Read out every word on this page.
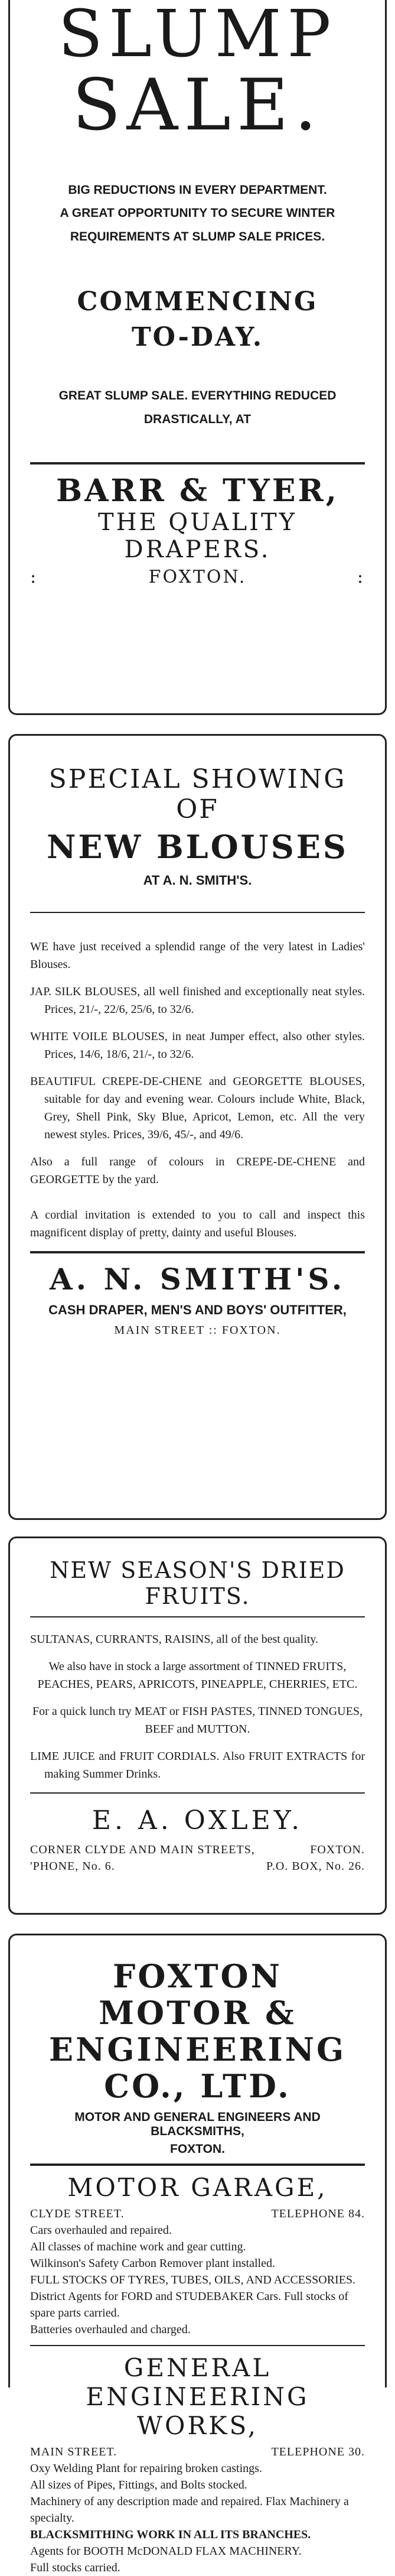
SLUMP

SALE.

BIG REDUCTIONS IN EVERY DEPARTMENT.

A GREAT OPPORTUNITY TO SECURE WINTER

REQUIREMENTS AT SLUMP SALE PRICES.

COMMENCING
TO-DAY.

GREAT SLUMP SALE. EVERYTHING REDUCED

DRASTICALLY, AT

BARR & TYER,

THE QUALITY DRAPERS.

:	FOXTON.	:

SPECIAL SHOWING OF

NEW BLOUSES

AT A. N. SMITH'S.

WE have just received a splendid range of the very latest in Ladies' Blouses.

JAP. SILK BLOUSES, all well finished and exceptionally neat styles. Prices, 21/-, 22/6, 25/6, to 32/6.

WHITE VOILE BLOUSES, in neat Jumper effect, also other styles. Prices, 14/6, 18/6, 21/-, to 32/6.

BEAUTIFUL CREPE-DE-CHENE and GEORGETTE BLOUSES, suitable for day and evening wear. Colours include White, Black, Grey, Shell Pink, Sky Blue, Apricot, Lemon, etc. All the very newest styles. Prices, 39/6, 45/-, and 49/6.

Also a full range of colours in CREPE-DE-CHENE and GEORGETTE by the yard.

A cordial invitation is extended to you to call and inspect this magnificent display of pretty, dainty and useful Blouses.

A. N. SMITH'S.

CASH DRAPER, MEN'S AND BOYS' OUTFITTER,

MAIN STREET :: FOXTON.

NEW SEASON'S DRIED FRUITS.

SULTANAS, CURRANTS, RAISINS, all of the best quality.

We also have in stock a large assortment of TINNED FRUITS, PEACHES, PEARS, APRICOTS, PINEAPPLE, CHERRIES, ETC.

For a quick lunch try MEAT or FISH PASTES, TINNED TONGUES, BEEF and MUTTON.

LIME JUICE and FRUIT CORDIALS. Also FRUIT EXTRACTS for making Summer Drinks.

E. A. OXLEY.

CORNER CLYDE AND MAIN STREETS,	FOXTON.
'PHONE, No. 6.	P.O. BOX, No. 26.
FOXTON MOTOR &
ENGINEERING
CO., LTD.

MOTOR AND GENERAL ENGINEERS AND BLACKSMITHS,

FOXTON.

MOTOR GARAGE,

CLYDE STREET.	TELEPHONE 84.
Cars overhauled and repaired.
All classes of machine work and gear cutting.
Wilkinson's Safety Carbon Remover plant installed.
FULL STOCKS OF TYRES, TUBES, OILS, AND ACCESSORIES.
District Agents for FORD and STUDEBAKER Cars. Full stocks of spare parts carried.
Batteries overhauled and charged.

GENERAL ENGINEERING WORKS,

MAIN STREET.	TELEPHONE 30.
Oxy Welding Plant for repairing broken castings.
All sizes of Pipes, Fittings, and Bolts stocked.
Machinery of any description made and repaired. Flax Machinery a specialty.
BLACKSMITHING WORK IN ALL ITS BRANCHES.
Agents for BOOTH McDONALD FLAX MACHINERY.
Full stocks carried.
